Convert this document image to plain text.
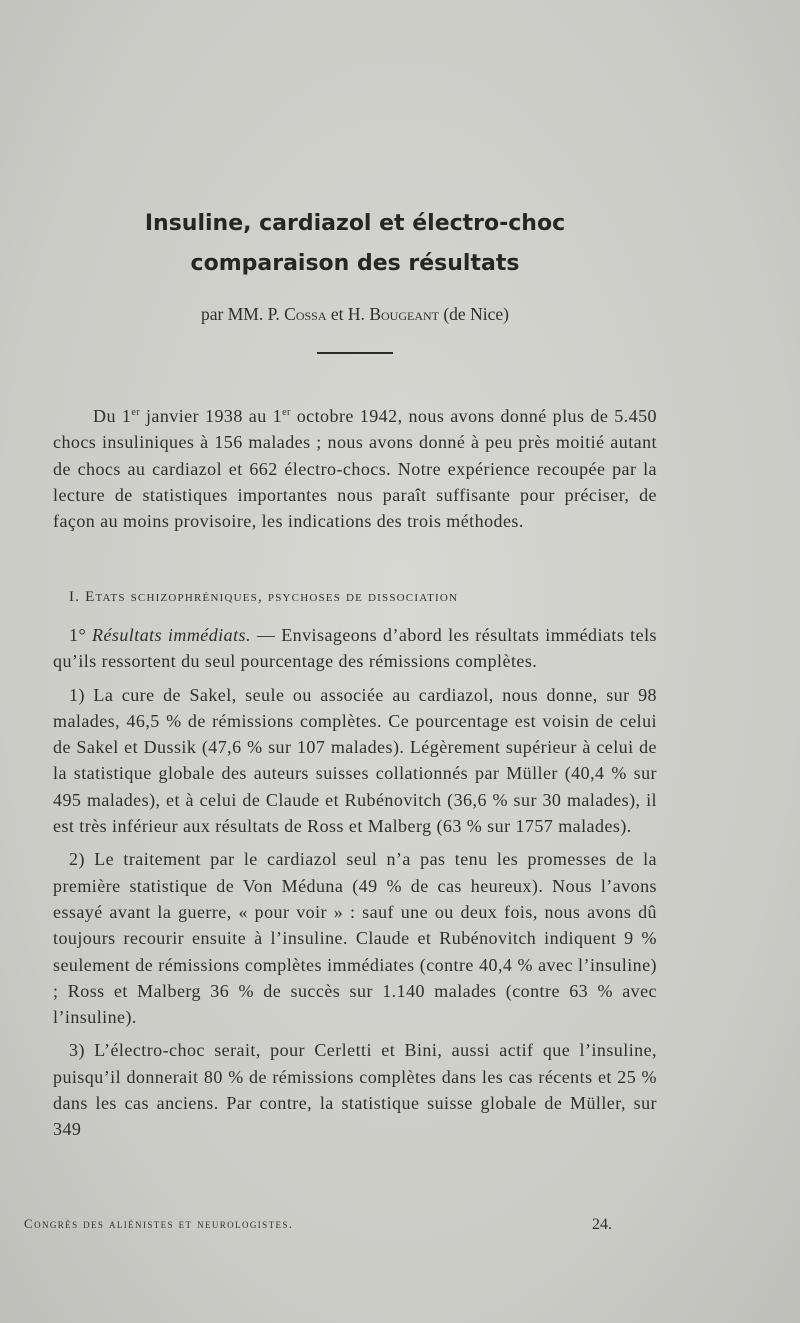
Insuline, cardiazol et électro-choc
comparaison des résultats
par MM. P. Cossa et H. Bougeant (de Nice)

Du 1er janvier 1938 au 1er octobre 1942, nous avons donné plus de 5.450 chocs insuliniques à 156 malades ; nous avons donné à peu près moitié autant de chocs au cardiazol et 662 électro-chocs. Notre expérience recoupée par la lecture de statistiques importantes nous paraît suffisante pour préciser, de façon au moins provisoire, les indications des trois méthodes.

I. Etats schizophréniques, psychoses de dissociation

1° Résultats immédiats. — Envisageons d’abord les résultats immédiats tels qu’ils ressortent du seul pourcentage des rémissions complètes.

1) La cure de Sakel, seule ou associée au cardiazol, nous donne, sur 98 malades, 46,5 % de rémissions complètes. Ce pourcentage est voisin de celui de Sakel et Dussik (47,6 % sur 107 malades). Légèrement supérieur à celui de la statistique globale des auteurs suisses collationnés par Müller (40,4 % sur 495 malades), et à celui de Claude et Rubénovitch (36,6 % sur 30 malades), il est très inférieur aux résultats de Ross et Malberg (63 % sur 1757 malades).

2) Le traitement par le cardiazol seul n’a pas tenu les promesses de la première statistique de Von Méduna (49 % de cas heureux). Nous l’avons essayé avant la guerre, « pour voir » : sauf une ou deux fois, nous avons dû toujours recourir ensuite à l’insuline. Claude et Rubénovitch indiquent 9 % seulement de rémissions complètes immédiates (contre 40,4 % avec l’insuline) ; Ross et Malberg 36 % de succès sur 1.140 malades (contre 63 % avec l’insuline).

3) L’électro-choc serait, pour Cerletti et Bini, aussi actif que l’insuline, puisqu’il donnerait 80 % de rémissions complètes dans les cas récents et 25 % dans les cas anciens. Par contre, la statistique suisse globale de Müller, sur 349

Congrès des aliénistes et neurologistes.	24.
